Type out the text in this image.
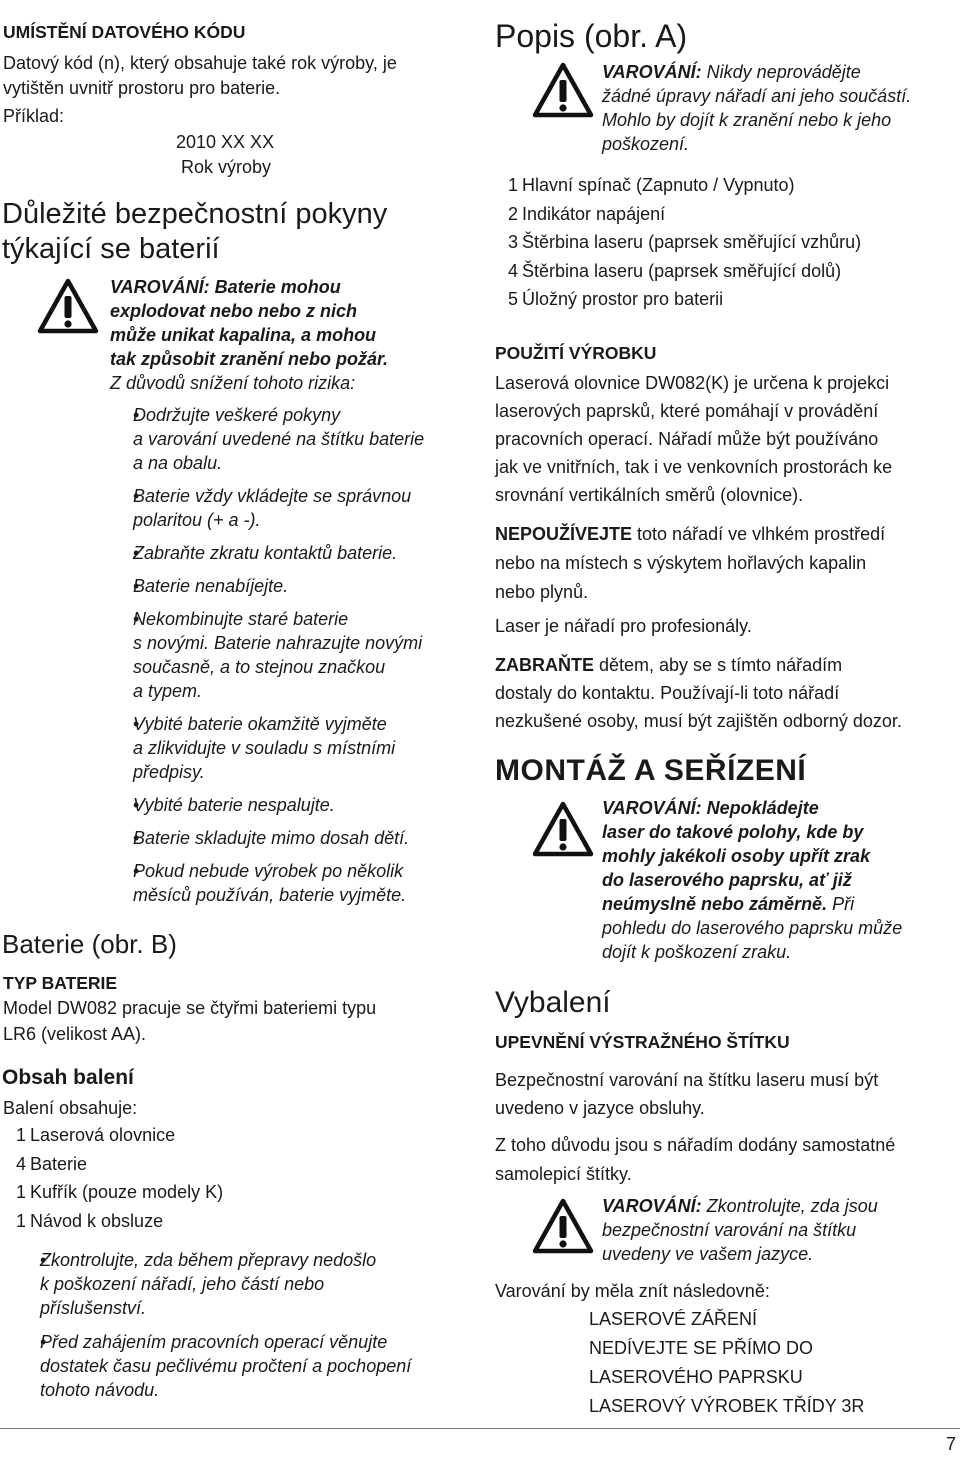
UMÍSTĚNÍ DATOVÉHO KÓDU
Datový kód (n), který obsahuje také rok výroby, je
vytištěn uvnitř prostoru pro baterie.
Příklad:
2010 XX XX
Rok výroby
Důležité bezpečnostní pokyny
týkající se baterií
VAROVÁNÍ: Baterie mohou
explodovat nebo nebo z nich
může unikat kapalina, a mohou
tak způsobit zranění nebo požár.
Z důvodů snížení tohoto rizika:
• Dodržujte veškeré pokyny
a varování uvedené na štítku baterie
a na obalu.
• Baterie vždy vkládejte se správnou
polaritou (+ a -).
• Zabraňte zkratu kontaktů baterie.
• Baterie nenabíjejte.
• Nekombinujte staré baterie
s novými. Baterie nahrazujte novými
současně, a to stejnou značkou
a typem.
• Vybité baterie okamžitě vyjměte
a zlikvidujte v souladu s místními
předpisy.
• Vybité baterie nespalujte.
• Baterie skladujte mimo dosah dětí.
• Pokud nebude výrobek po několik
měsíců používán, baterie vyjměte.
Baterie (obr. B)
TYP BATERIE
Model DW082 pracuje se čtyřmi bateriemi typu
LR6 (velikost AA).
Obsah balení
Balení obsahuje:
1 Laserová olovnice
4 Baterie
1 Kufřík (pouze modely K)
1 Návod k obsluze
• Zkontrolujte, zda během přepravy nedošlo
k poškození nářadí, jeho částí nebo
příslušenství.
• Před zahájením pracovních operací věnujte
dostatek času pečlivému pročtení a pochopení
tohoto návodu.
Popis (obr. A)
VAROVÁNÍ: Nikdy neprovádějte
žádné úpravy nářadí ani jeho součástí.
Mohlo by dojít k zranění nebo k jeho
poškození.
1 Hlavní spínač (Zapnuto / Vypnuto)
2 Indikátor napájení
3 Štěrbina laseru (paprsek směřující vzhůru)
4 Štěrbina laseru (paprsek směřující dolů)
5 Úložný prostor pro baterii
POUŽITÍ VÝROBKU
Laserová olovnice DW082(K) je určena k projekci
laserových paprsků, které pomáhají v provádění
pracovních operací. Nářadí může být používáno
jak ve vnitřních, tak i ve venkovních prostorách ke
srovnání vertikálních směrů (olovnice).
NEPOUŽÍVEJTE toto nářadí ve vlhkém prostředí
nebo na místech s výskytem hořlavých kapalin
nebo plynů.
Laser je nářadí pro profesionály.
ZABRAŇTE dětem, aby se s tímto nářadím
dostaly do kontaktu. Používají-li toto nářadí
nezkušené osoby, musí být zajištěn odborný dozor.
MONTÁŽ A SEŘÍZENÍ
VAROVÁNÍ: Nepokládejte
laser do takové polohy, kde by
mohly jakékoli osoby upřít zrak
do laserového paprsku, ať již
neúmyslně nebo záměrně. Při
pohledu do laserového paprsku může
dojít k poškození zraku.
Vybalení
UPEVNĚNÍ VÝSTRAŽNÉHO ŠTÍTKU
Bezpečnostní varování na štítku laseru musí být
uvedeno v jazyce obsluhy.
Z toho důvodu jsou s nářadím dodány samostatné
samolepicí štítky.
VAROVÁNÍ: Zkontrolujte, zda jsou
bezpečnostní varování na štítku
uvedeny ve vašem jazyce.
Varování by měla znít následovně:
LASEROVÉ ZÁŘENÍ
NEDÍVEJTE SE PŘÍMO DO
LASEROVÉHO PAPRSKU
LASEROVÝ VÝROBEK TŘÍDY 3R
7
